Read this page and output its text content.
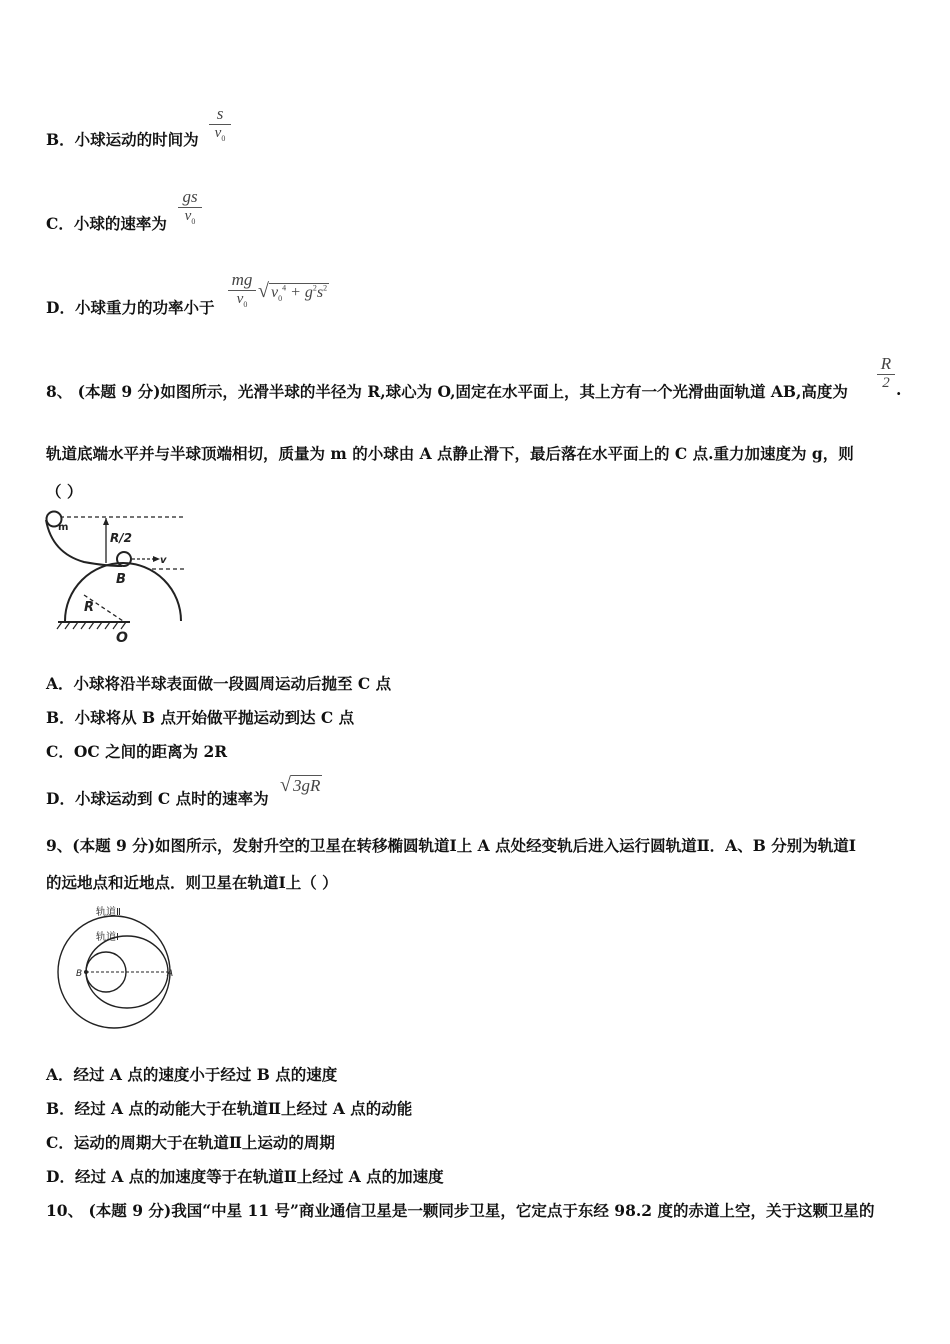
B．小球运动的时间为
s
$v_0$
C．小球的速率为
gs
$v_0$
D．小球重力的功率小于
mg
$v_0$
√ $v_0^4 + g^2s^2$
8、 (本题 9 分)如图所示，光滑半球的半径为 R,球心为 O,固定在水平面上，其上方有一个光滑曲面轨道 AB,高度为
R
2 .
轨道底端水平并与半球顶端相切，质量为 m 的小球由 A 点静止滑下，最后落在水平面上的 C 点.重力加速度为 g，则
（ ）
m
R/2
v
B
R
O
A．小球将沿半球表面做一段圆周运动后抛至 C 点
B．小球将从 B 点开始做平抛运动到达 C 点
C．OC 之间的距离为 2R
D．小球运动到 C 点时的速率为
√ 3gR
9、(本题 9 分)如图所示，发射升空的卫星在转移椭圆轨道Ⅰ上 A 点处经变轨后进入运行圆轨道Ⅱ．A、B 分别为轨道Ⅰ
的远地点和近地点．则卫星在轨道Ⅰ上（ ）
轨道Ⅱ
轨道Ⅰ
B	A
A．经过 A 点的速度小于经过 B 点的速度
B．经过 A 点的动能大于在轨道Ⅱ上经过 A 点的动能
C．运动的周期大于在轨道Ⅱ上运动的周期
D．经过 A 点的加速度等于在轨道Ⅱ上经过 A 点的加速度
10、 (本题 9 分)我国“中星 11 号”商业通信卫星是一颗同步卫星，它定点于东经 98.2 度的赤道上空，关于这颗卫星的
